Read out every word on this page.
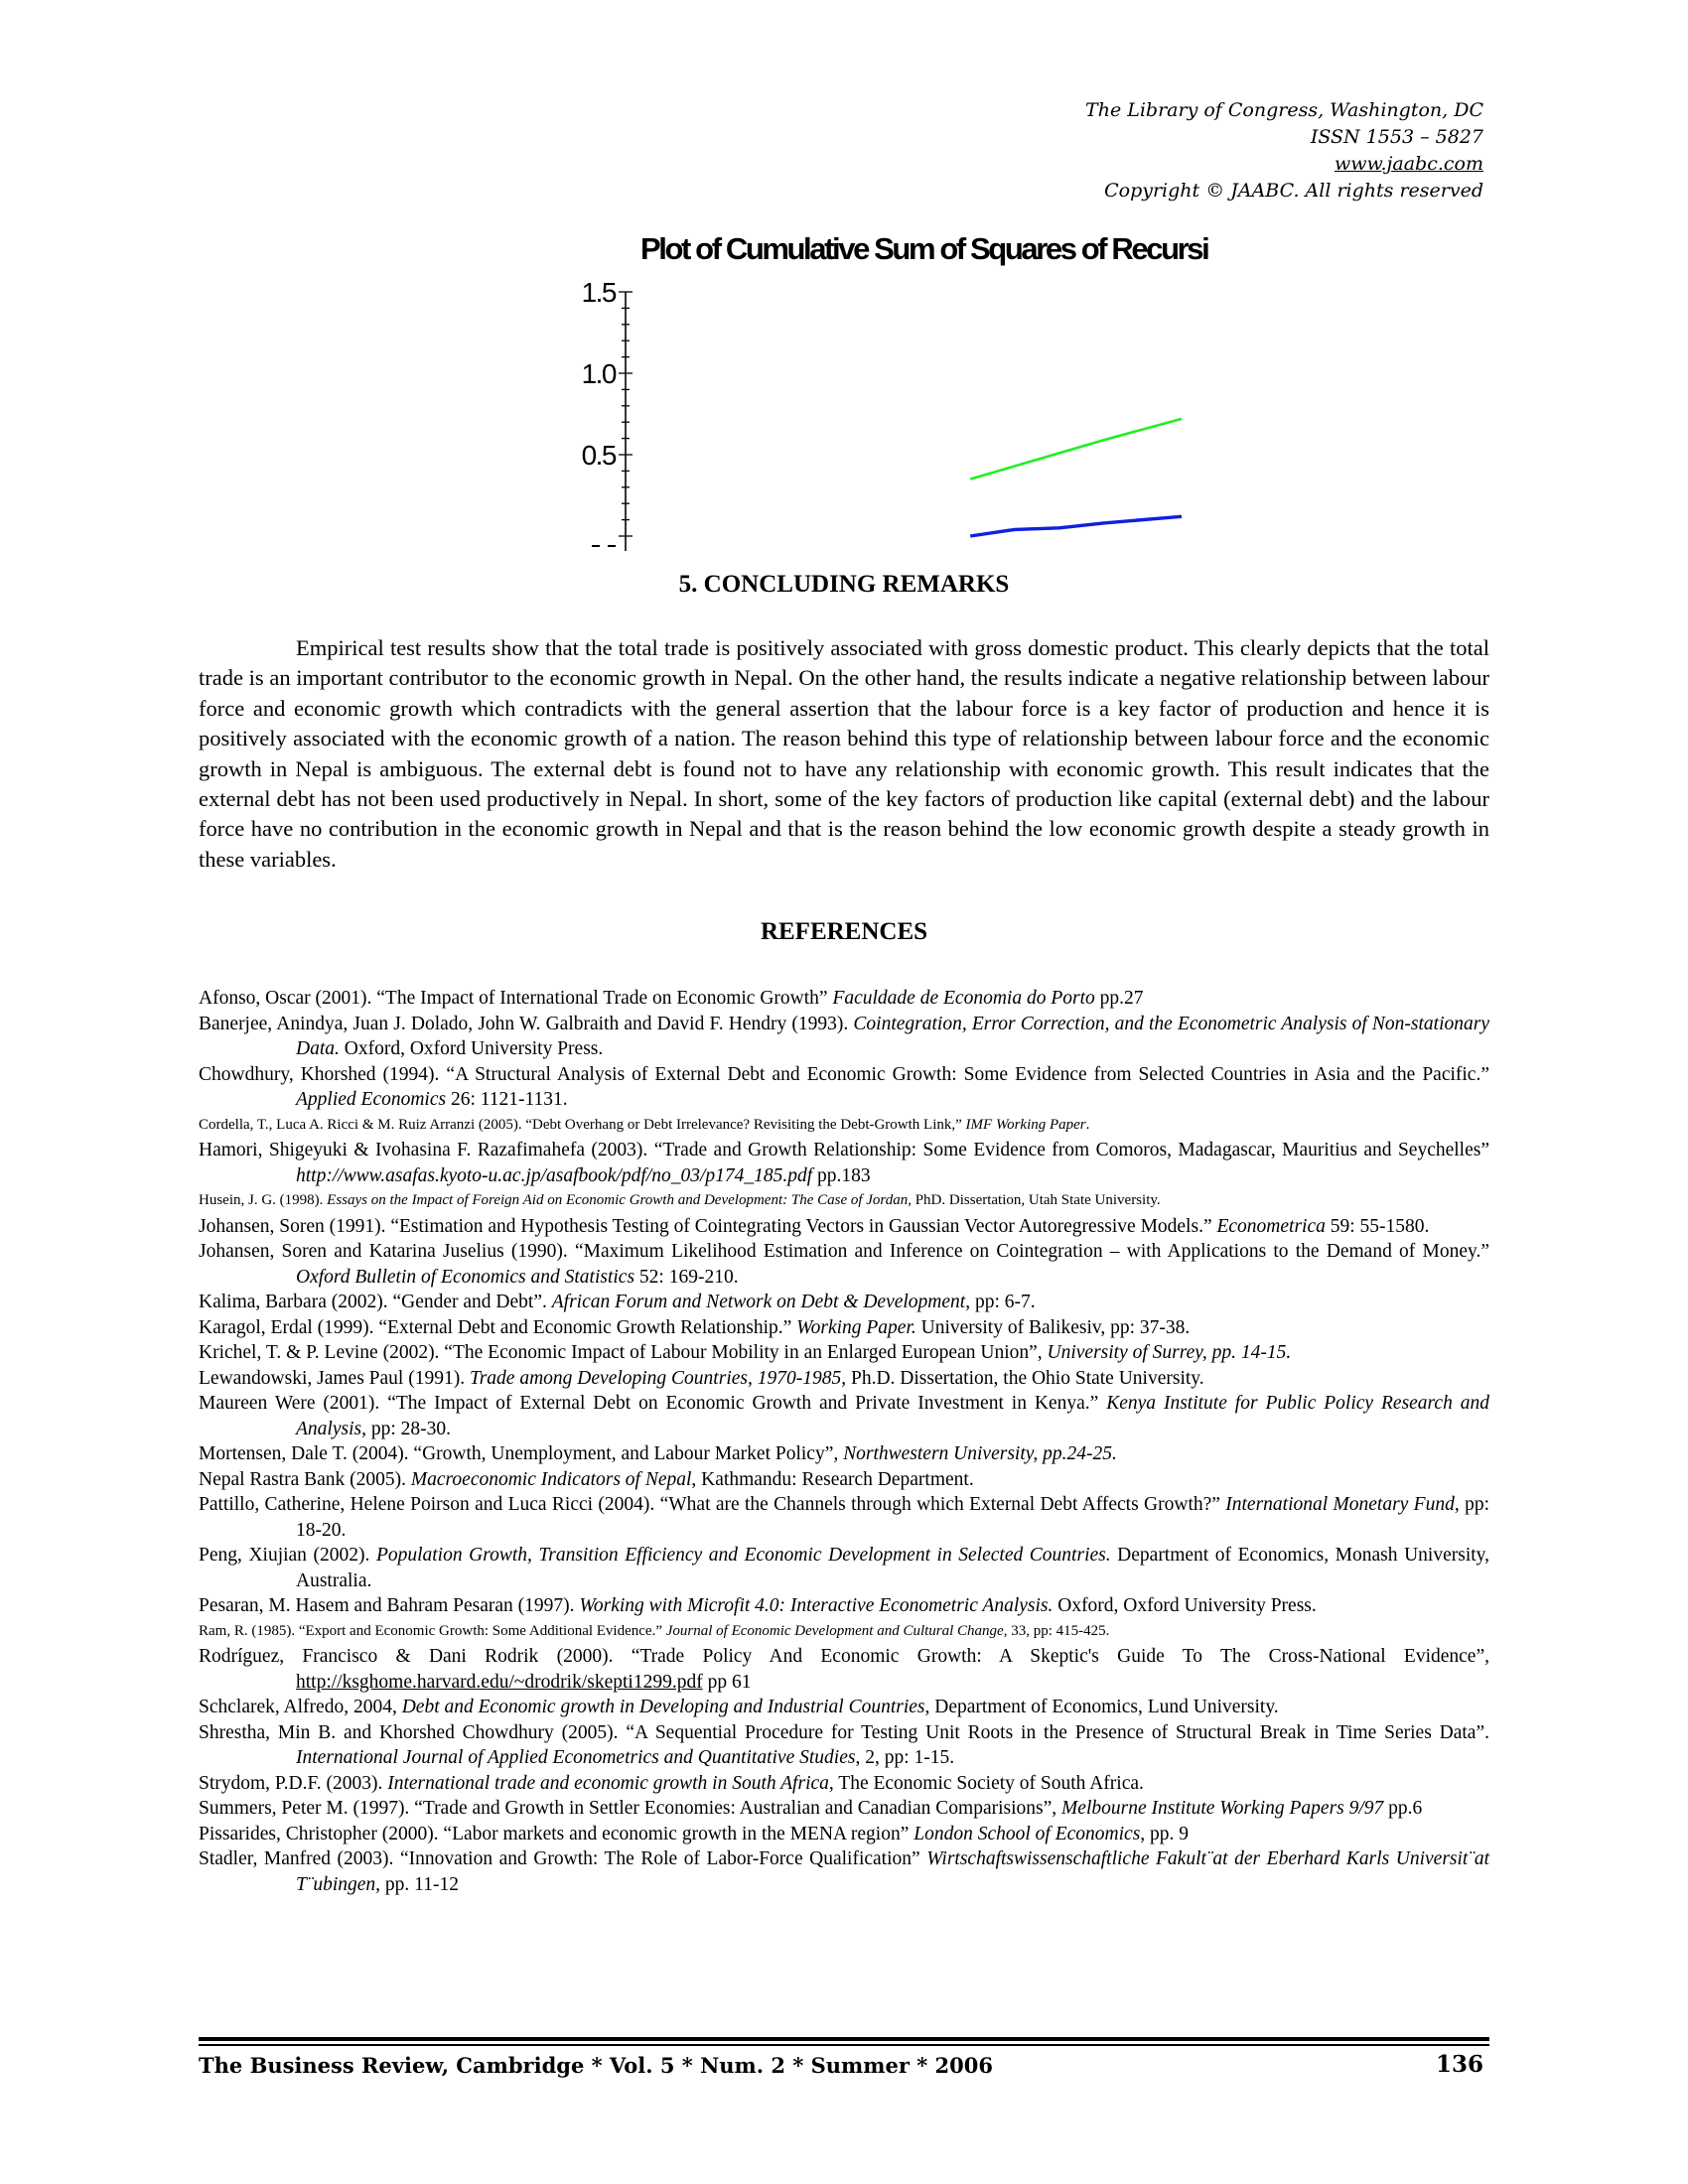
The Library of Congress, Washington, DC
ISSN 1553 – 5827
www.jaabc.com
Copyright © JAABC. All rights reserved
Plot of Cumulative Sum of Squares of Recursi
1.5
1.0
0.5
5. CONCLUDING REMARKS

Empirical test results show that the total trade is positively associated with gross domestic product. This clearly depicts that the total trade is an important contributor to the economic growth in Nepal. On the other hand, the results indicate a negative relationship between labour force and economic growth which contradicts with the general assertion that the labour force is a key factor of production and hence it is positively associated with the economic growth of a nation. The reason behind this type of relationship between labour force and the economic growth in Nepal is ambiguous. The external debt is found not to have any relationship with economic growth. This result indicates that the external debt has not been used productively in Nepal. In short, some of the key factors of production like capital (external debt) and the labour force have no contribution in the economic growth in Nepal and that is the reason behind the low economic growth despite a steady growth in these variables.

REFERENCES
Afonso, Oscar (2001). “The Impact of International Trade on Economic Growth” Faculdade de Economia do Porto pp.27
Banerjee, Anindya, Juan J. Dolado, John W. Galbraith and David F. Hendry (1993). Cointegration, Error Correction, and the Econometric Analysis of Non-stationary Data. Oxford, Oxford University Press.
Chowdhury, Khorshed (1994). “A Structural Analysis of External Debt and Economic Growth: Some Evidence from Selected Countries in Asia and the Pacific.” Applied Economics 26: 1121-1131.
Cordella, T., Luca A. Ricci & M. Ruiz Arranzi (2005). “Debt Overhang or Debt Irrelevance? Revisiting the Debt-Growth Link,” IMF Working Paper.
Hamori, Shigeyuki & Ivohasina F. Razafimahefa (2003). “Trade and Growth Relationship: Some Evidence from Comoros, Madagascar, Mauritius and Seychelles” http://www.asafas.kyoto-u.ac.jp/asafbook/pdf/no_03/p174_185.pdf pp.183
Husein, J. G. (1998). Essays on the Impact of Foreign Aid on Economic Growth and Development: The Case of Jordan, PhD. Dissertation, Utah State University.
Johansen, Soren (1991). “Estimation and Hypothesis Testing of Cointegrating Vectors in Gaussian Vector Autoregressive Models.” Econometrica 59: 55-1580.
Johansen, Soren and Katarina Juselius (1990). “Maximum Likelihood Estimation and Inference on Cointegration – with Applications to the Demand of Money.” Oxford Bulletin of Economics and Statistics 52: 169-210.
Kalima, Barbara (2002). “Gender and Debt”. African Forum and Network on Debt & Development, pp: 6-7.
Karagol, Erdal (1999). “External Debt and Economic Growth Relationship.” Working Paper. University of Balikesiv, pp: 37-38.
Krichel, T. & P. Levine (2002). “The Economic Impact of Labour Mobility in an Enlarged European Union”, University of Surrey, pp. 14-15.
Lewandowski, James Paul (1991). Trade among Developing Countries, 1970-1985, Ph.D. Dissertation, the Ohio State University.
Maureen Were (2001). “The Impact of External Debt on Economic Growth and Private Investment in Kenya.” Kenya Institute for Public Policy Research and Analysis, pp: 28-30.
Mortensen, Dale T. (2004). “Growth, Unemployment, and Labour Market Policy”, Northwestern University, pp.24-25.
Nepal Rastra Bank (2005). Macroeconomic Indicators of Nepal, Kathmandu: Research Department.
Pattillo, Catherine, Helene Poirson and Luca Ricci (2004). “What are the Channels through which External Debt Affects Growth?” International Monetary Fund, pp: 18-20.
Peng, Xiujian (2002). Population Growth, Transition Efficiency and Economic Development in Selected Countries. Department of Economics, Monash University, Australia.
Pesaran, M. Hasem and Bahram Pesaran (1997). Working with Microfit 4.0: Interactive Econometric Analysis. Oxford, Oxford University Press.
Ram, R. (1985). “Export and Economic Growth: Some Additional Evidence.” Journal of Economic Development and Cultural Change, 33, pp: 415-425.
Rodríguez, Francisco & Dani Rodrik (2000). “Trade Policy And Economic Growth: A Skeptic's Guide To The Cross-National Evidence”, http://ksghome.harvard.edu/~drodrik/skepti1299.pdf pp 61
Schclarek, Alfredo, 2004, Debt and Economic growth in Developing and Industrial Countries, Department of Economics, Lund University.
Shrestha, Min B. and Khorshed Chowdhury (2005). “A Sequential Procedure for Testing Unit Roots in the Presence of Structural Break in Time Series Data”. International Journal of Applied Econometrics and Quantitative Studies, 2, pp: 1-15.
Strydom, P.D.F. (2003). International trade and economic growth in South Africa, The Economic Society of South Africa.
Summers, Peter M. (1997). “Trade and Growth in Settler Economies: Australian and Canadian Comparisions”, Melbourne Institute Working Papers 9/97 pp.6
Pissarides, Christopher (2000). “Labor markets and economic growth in the MENA region” London School of Economics, pp. 9
Stadler, Manfred (2003). “Innovation and Growth: The Role of Labor-Force Qualification” Wirtschaftswissenschaftliche Fakult¨at der Eberhard Karls Universit¨at T¨ubingen, pp. 11-12
The Business Review, Cambridge * Vol. 5 * Num. 2 * Summer * 2006	136
